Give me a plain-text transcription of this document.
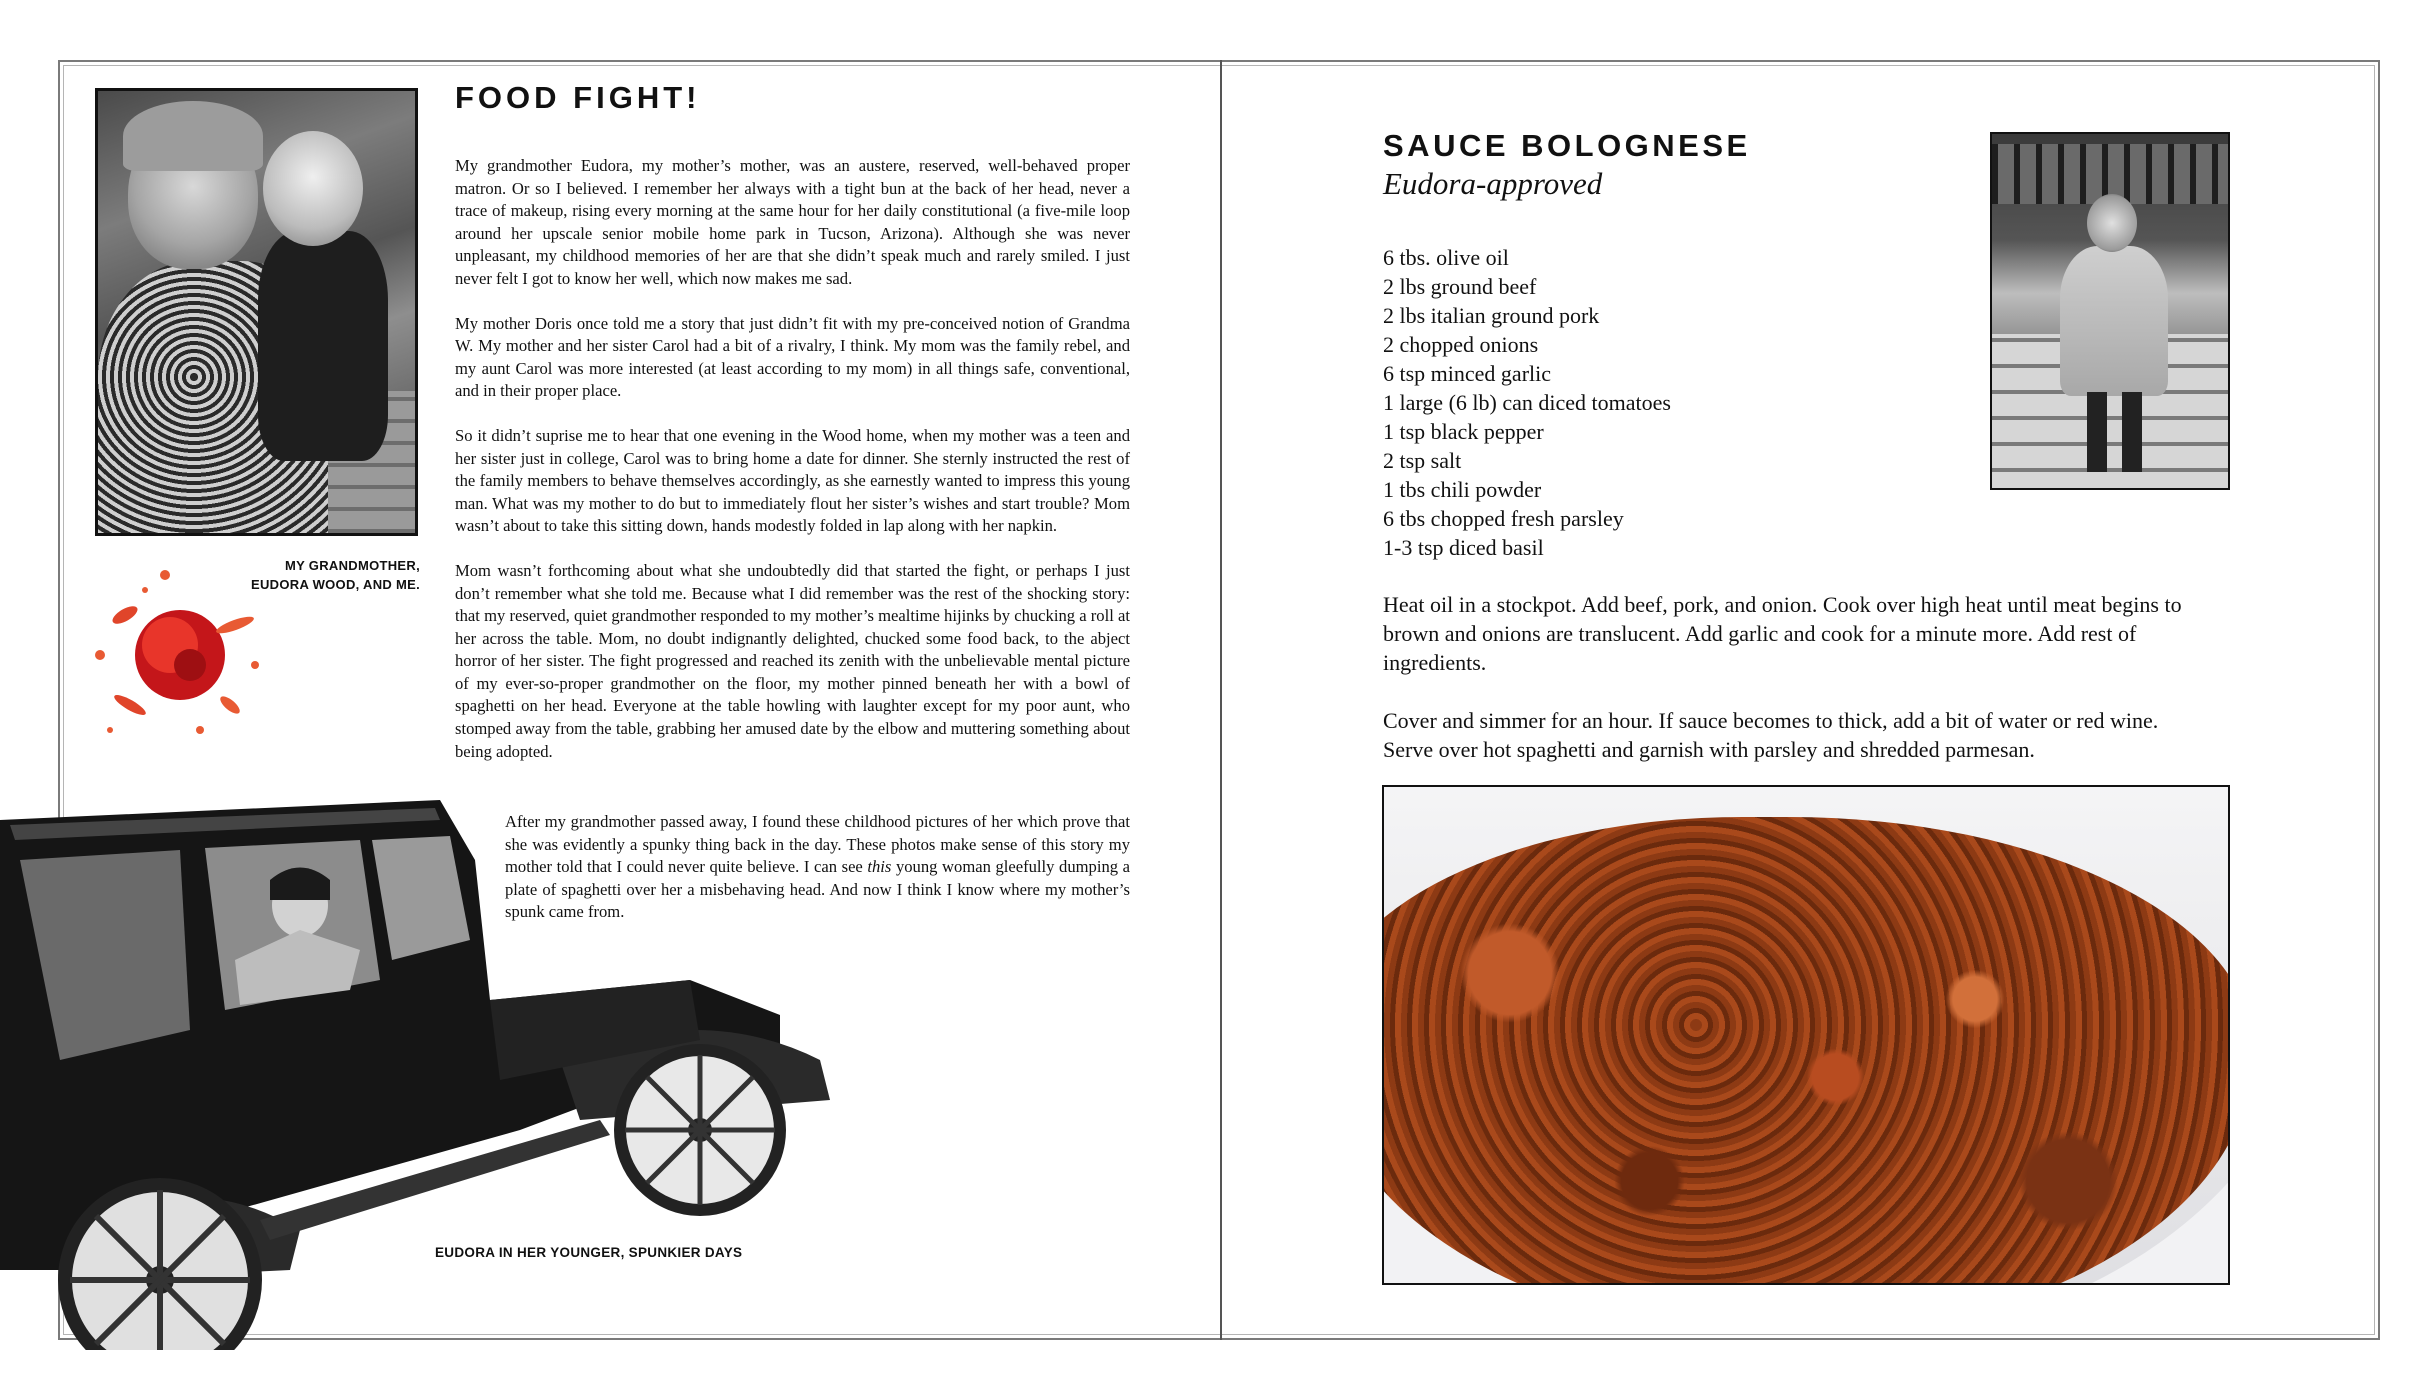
MY GRANDMOTHER,
EUDORA WOOD, AND ME.
FOOD FIGHT!

My grandmother Eudora, my mother’s mother, was an austere, reserved, well-behaved proper matron. Or so I believed. I remember her always with a tight bun at the back of her head, never a trace of makeup, rising every morning at the same hour for her daily constitutional (a five-mile loop around her upscale senior mobile home park in Tucson, Arizona). Although she was never unpleasant, my childhood memories of her are that she didn’t speak much and rarely smiled. I just never felt I got to know her well, which now makes me sad.

My mother Doris once told me a story that just didn’t fit with my pre-conceived notion of Grandma W. My mother and her sister Carol had a bit of a rivalry, I think. My mom was the family rebel, and my aunt Carol was more interested (at least according to my mom) in all things safe, conventional, and in their proper place.

So it didn’t suprise me to hear that one evening in the Wood home, when my mother was a teen and her sister just in college, Carol was to bring home a date for dinner. She sternly instructed the rest of the family members to behave themselves accordingly, as she earnestly wanted to impress this young man. What was my mother to do but to immediately flout her sister’s wishes and start trouble? Mom wasn’t about to take this sitting down, hands modestly folded in lap along with her napkin.

Mom wasn’t forthcoming about what she undoubtedly did that started the fight, or perhaps I just don’t remember what she told me. Because what I did remember was the rest of the shocking story: that my reserved, quiet grandmother responded to my mother’s mealtime hijinks by chucking a roll at her across the table. Mom, no doubt indignantly delighted, chucked some food back, to the abject horror of her sister. The fight progressed and reached its zenith with the unbelievable mental picture of my ever-so-proper grandmother on the floor, my mother pinned beneath her with a bowl of spaghetti on her head. Everyone at the table howling with laughter except for my poor aunt, who stomped away from the table, grabbing her amused date by the elbow and muttering something about being adopted.

After my grandmother passed away, I found these childhood pictures of her which prove that she was evidently a spunky thing back in the day. These photos make sense of this story my mother told that I could never quite believe. I can see this young woman gleefully dumping a plate of spaghetti over her a misbehaving head. And now I think I know where my mother’s spunk came from.

EUDORA IN HER YOUNGER, SPUNKIER DAYS
SAUCE BOLOGNESE
Eudora-approved
6 tbs. olive oil
2 lbs ground beef
2 lbs italian ground pork
2 chopped onions
6 tsp minced garlic
1 large (6 lb) can diced tomatoes
1 tsp black pepper
2 tsp salt
1 tbs chili powder
6 tbs chopped fresh parsley
1-3 tsp diced basil

Heat oil in a stockpot. Add beef, pork, and onion. Cook over high heat until meat begins to brown and onions are translucent. Add garlic and cook for a minute more. Add rest of ingredients.

Cover and simmer for an hour. If sauce becomes to thick, add a bit of water or red wine. Serve over hot spaghetti and garnish with parsley and shredded parmesan.
